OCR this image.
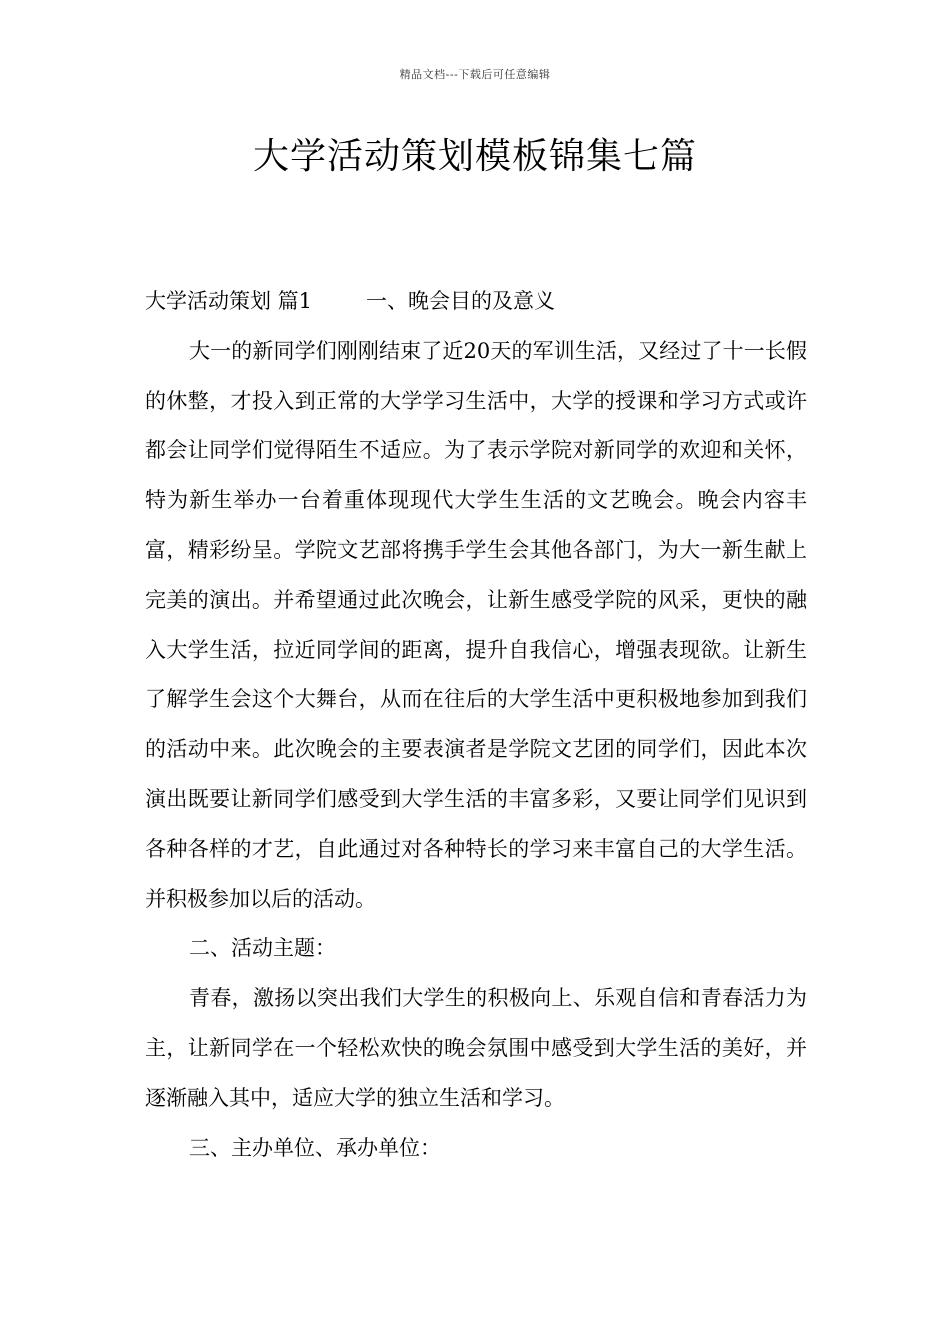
精品文档---下载后可任意编辑
大学活动策划模板锦集七篇

大学活动策划 篇1	一、晚会目的及意义

大一的新同学们刚刚结束了近20天的军训生活，又经过了十一长假的休整，才投入到正常的大学学习生活中，大学的授课和学习方式或许都会让同学们觉得陌生不适应。为了表示学院对新同学的欢迎和关怀，特为新生举办一台着重体现现代大学生生活的文艺晚会。晚会内容丰富，精彩纷呈。学院文艺部将携手学生会其他各部门，为大一新生献上完美的演出。并希望通过此次晚会，让新生感受学院的风采，更快的融入大学生活，拉近同学间的距离，提升自我信心，增强表现欲。让新生了解学生会这个大舞台，从而在往后的大学生活中更积极地参加到我们的活动中来。此次晚会的主要表演者是学院文艺团的同学们，因此本次演出既要让新同学们感受到大学生活的丰富多彩，又要让同学们见识到各种各样的才艺，自此通过对各种特长的学习来丰富自己的大学生活。并积极参加以后的活动。

二、活动主题：

青春，激扬以突出我们大学生的积极向上、乐观自信和青春活力为主，让新同学在一个轻松欢快的晚会氛围中感受到大学生活的美好，并逐渐融入其中，适应大学的独立生活和学习。

三、主办单位、承办单位：
